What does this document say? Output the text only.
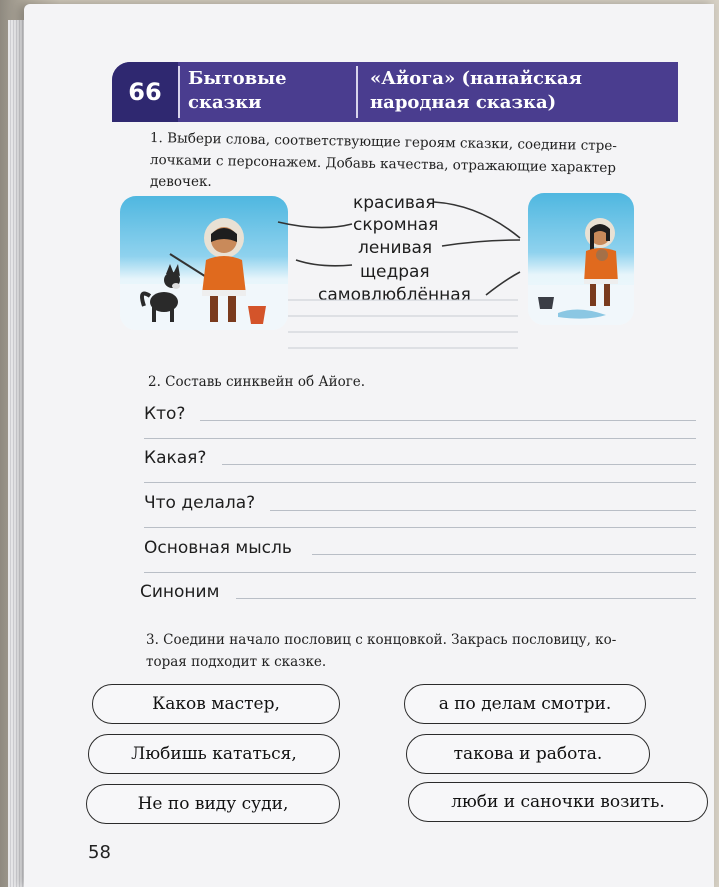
66	Бытовые
сказки
«Айога» (нанайская
народная сказка)
1. Выбери слова, соответствующие героям сказки, соедини стре-
лочками с персонажем. Добавь качества, отражающие характер
девочек.
красивая
скромная
ленивая
щедрая
самовлюблённая
2. Составь синквейн об Айоге.
Кто?
Какая?
Что делала?
Основная мысль
Синоним
3. Соедини начало пословиц с концовкой. Закрась пословицу, ко-
торая подходит к сказке.
Каков мастер,
Любишь кататься,
Не по виду суди,
а по делам смотри.
такова и работа.
люби и саночки возить.
58
